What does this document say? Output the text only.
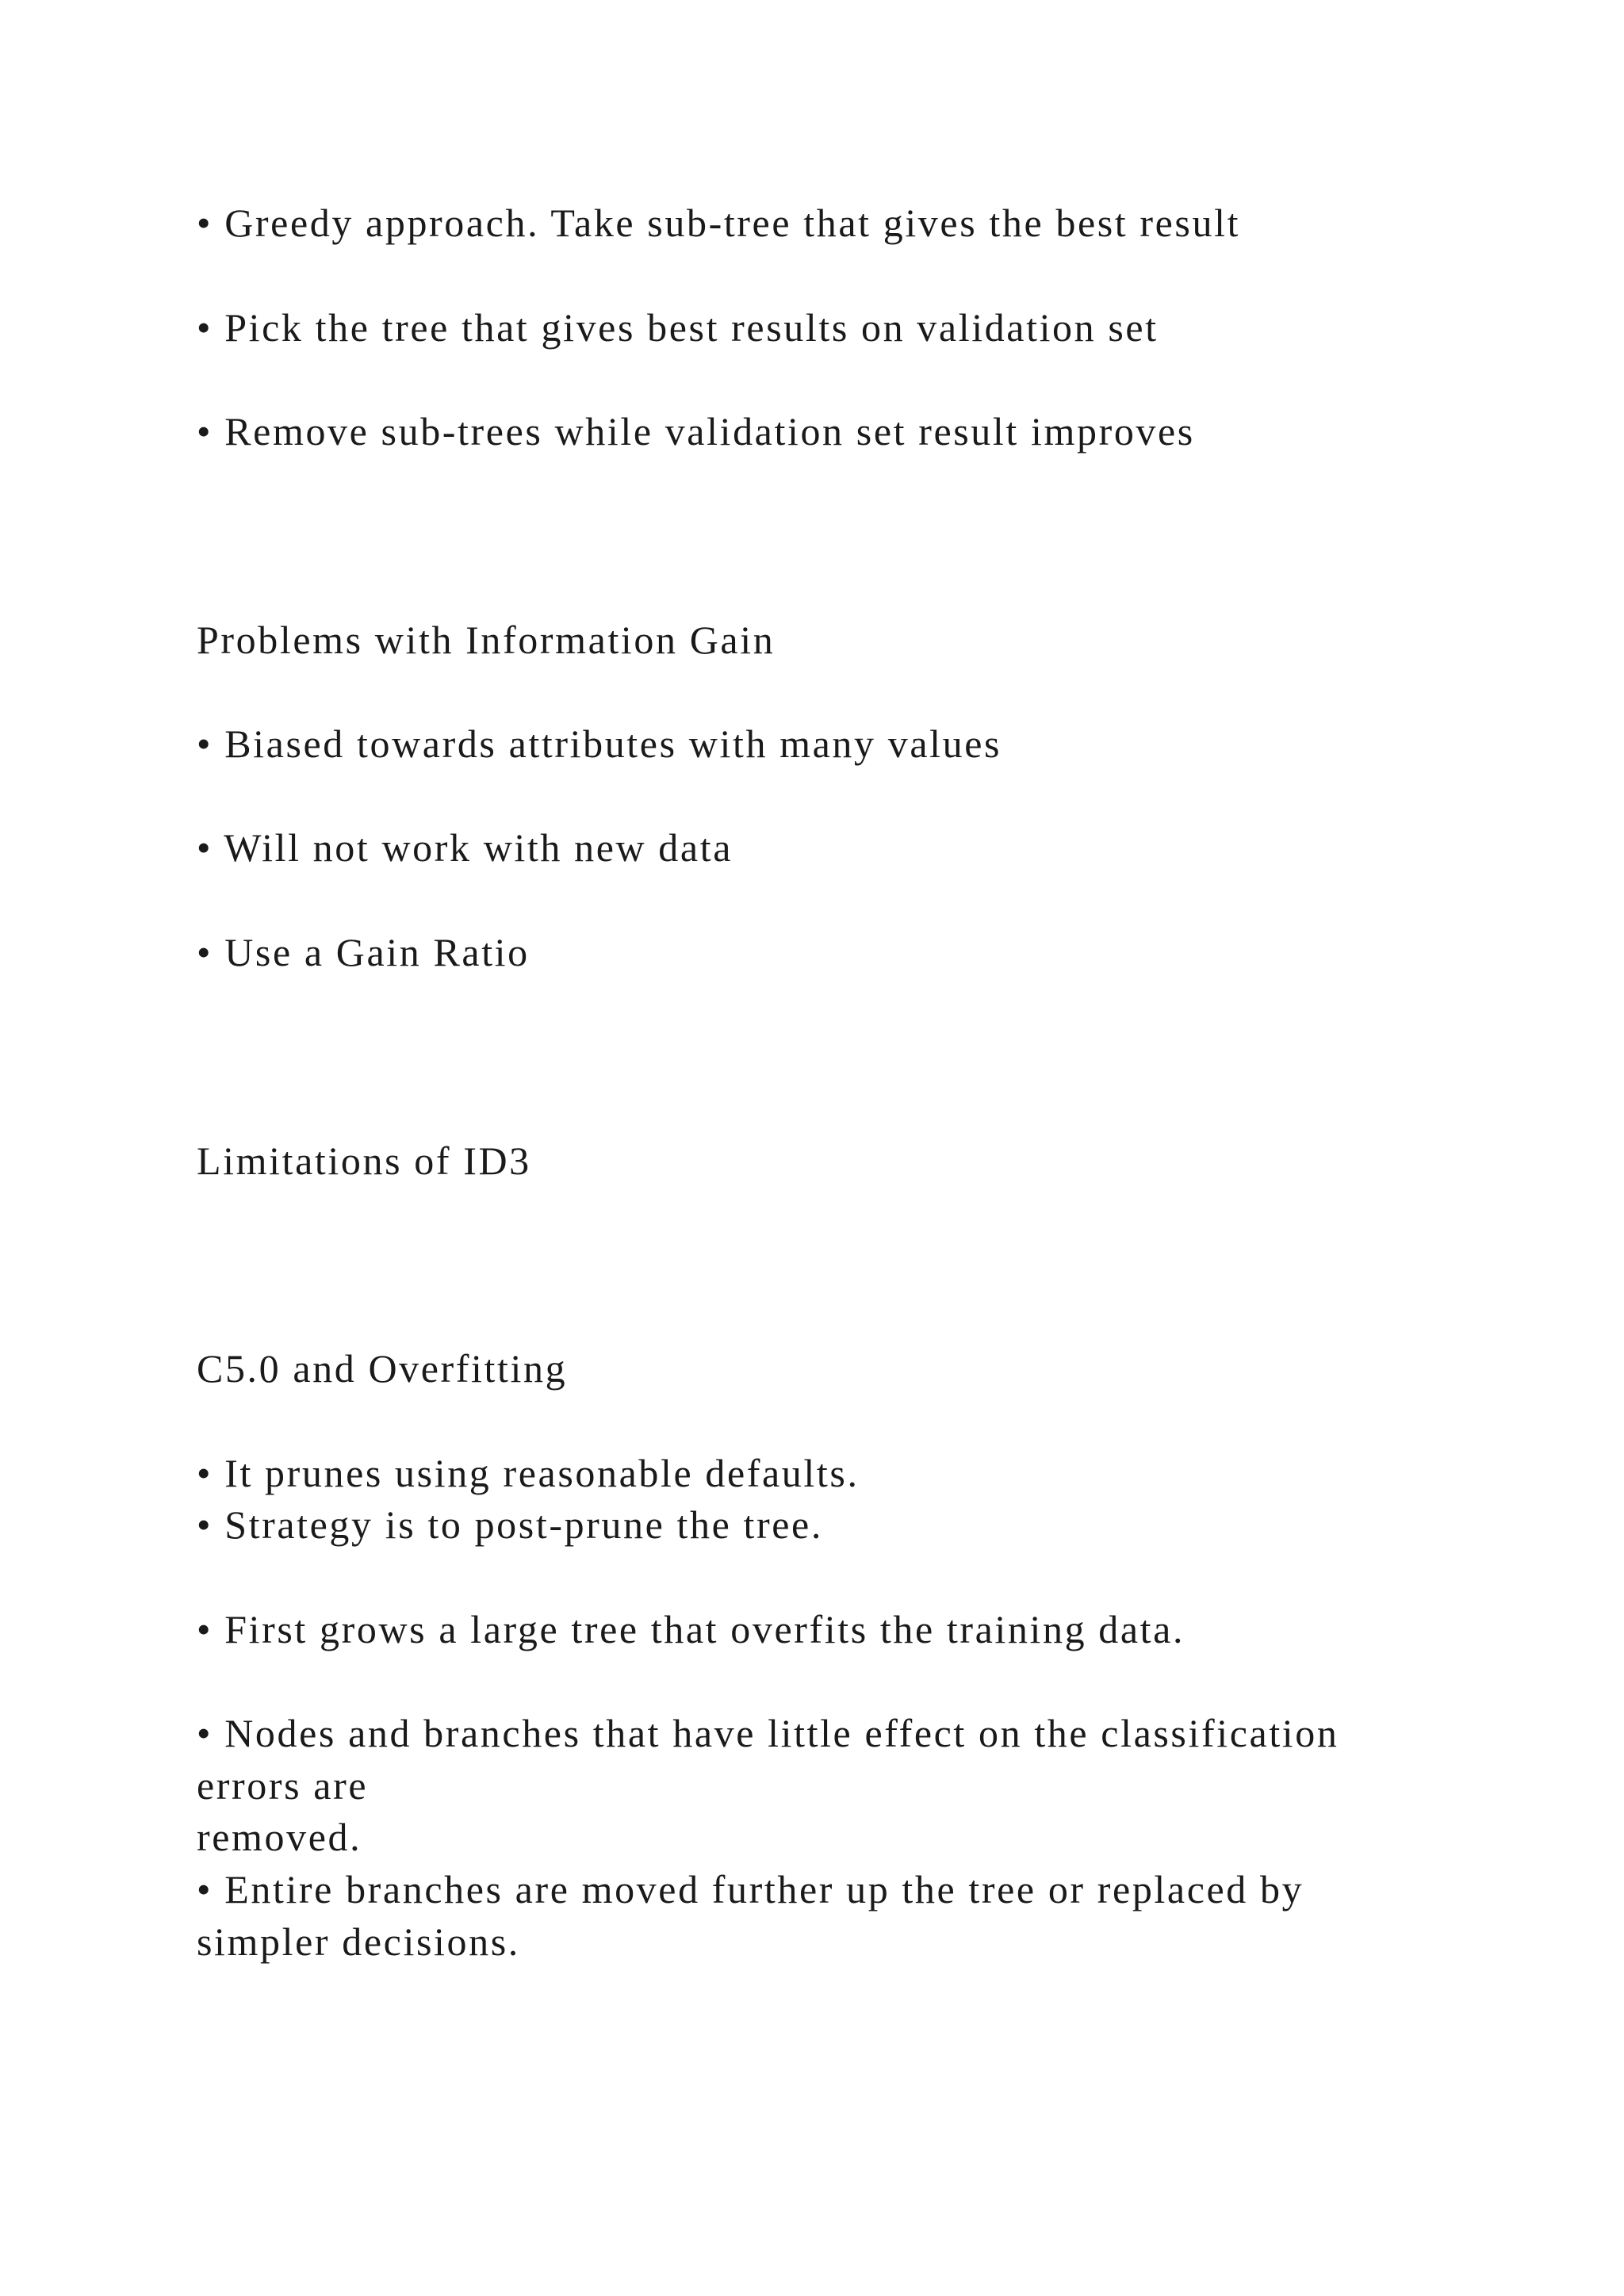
• Greedy approach. Take sub-tree that gives the best result

• Pick the tree that gives best results on validation set

• Remove sub-trees while validation set result improves

Problems with Information Gain

• Biased towards attributes with many values

• Will not work with new data

• Use a Gain Ratio

Limitations of ID3

C5.0 and Overfitting

• It prunes using reasonable defaults.

• Strategy is to post-prune the tree.

• First grows a large tree that overfits the training data.

• Nodes and branches that have little effect on the classification

errors are

removed.

• Entire branches are moved further up the tree or replaced by

simpler decisions.
